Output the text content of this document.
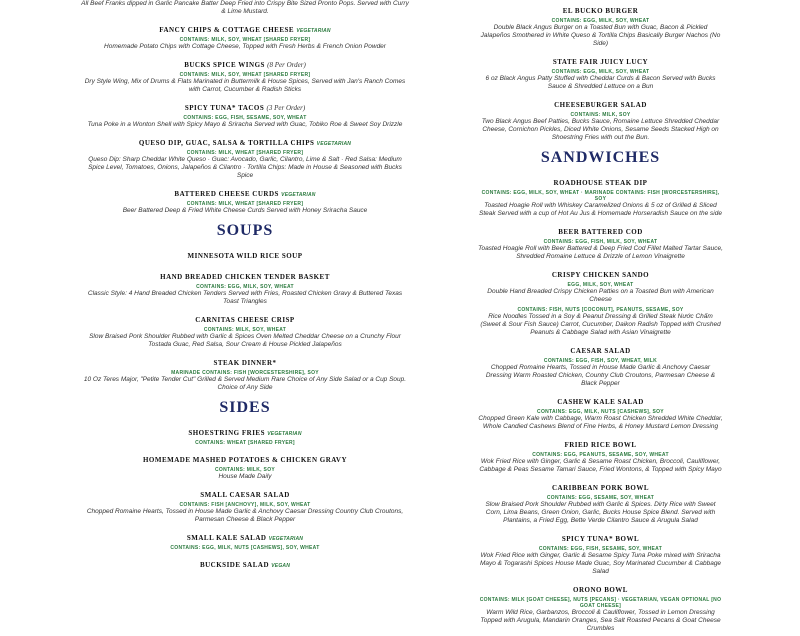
All Beef Franks dipped in Garlic Pancake Batter Deep Fried into Crispy Bite Sized Pronto Pops. Served with Curry & Lime Mustard.
FANCY CHIPS & COTTAGE CHEESE VEGETARIAN
CONTAINS: MILK, SOY, WHEAT [SHARED FRYER]
Homemade Potato Chips with Cottage Cheese, Topped with Fresh Herbs & French Onion Powder
BUCKS SPICE WINGS (8 Per Order)
CONTAINS: MILK, SOY, WHEAT [SHARED FRYER]
Dry Style Wing, Mix of Drums & Flats Marinated in Buttermilk & House Spices, Served with Jan's Ranch Comes with Carrot, Cucumber & Radish Sticks
SPICY TUNA* TACOS (3 Per Order)
CONTAINS: EGG, FISH, SESAME, SOY, WHEAT
Tuna Poke in a Wonton Shell with Spicy Mayo & Sriracha Served with Guac, Tobiko Roe & Sweet Soy Drizzle
QUESO DIP, GUAC, SALSA & TORTILLA CHIPS VEGETARIAN
CONTAINS: MILK, WHEAT [SHARED FRYER]
Queso Dip: Sharp Cheddar White Queso · Guac: Avocado, Garlic, Cilantro, Lime & Salt · Red Salsa: Medium Spice Level, Tomatoes, Onions, Jalapeños & Cilantro · Tortilla Chips: Made in House & Seasoned with Bucks Spice
BATTERED CHEESE CURDS VEGETARIAN
CONTAINS: MILK, WHEAT [SHARED FRYER]
Beer Battered Deep & Fried White Cheese Curds Served with Honey Sriracha Sauce
SOUPS
MINNESOTA WILD RICE SOUP
HAND BREADED CHICKEN TENDER BASKET
CONTAINS: EGG, MILK, SOY, WHEAT
Classic Style: 4 Hand Breaded Chicken Tenders Served with Fries, Roasted Chicken Gravy & Buttered Texas Toast Triangles
CARNITAS CHEESE CRISP
CONTAINS: MILK, SOY, WHEAT
Slow Braised Pork Shoulder Rubbed with Garlic & Spices Oven Melted Cheddar Cheese on a Crunchy Flour Tostada Guac, Red Salsa, Sour Cream & House Pickled Jalapeños
STEAK DINNER*
MARINADE CONTAINS: FISH [WORCESTERSHIRE], SOY
10 Oz Teres Major, "Petite Tender Cut" Grilled & Served Medium Rare Choice of Any Side Salad or a Cup Soup. Choice of Any Side
SIDES
SHOESTRING FRIES VEGETARIAN
CONTAINS: WHEAT [SHARED FRYER]
HOMEMADE MASHED POTATOES & CHICKEN GRAVY
CONTAINS: MILK, SOY
House Made Daily
SMALL CAESAR SALAD
CONTAINS: FISH [ANCHOVY], MILK, SOY, WHEAT
Chopped Romaine Hearts, Tossed in House Made Garlic & Anchovy Caesar Dressing Country Club Croutons, Parmesan Cheese & Black Pepper
SMALL KALE SALAD VEGETARIAN
CONTAINS: EGG, MILK, NUTS [CASHEWS], SOY, WHEAT
BUCKSIDE SALAD VEGAN
EL BUCKO BURGER
CONTAINS: EGG, MILK, SOY, WHEAT
Double Black Angus Burger on a Toasted Bun with Guac, Bacon & Pickled Jalapeños Smothered in White Queso & Tortilla Chips Basically Burger Nachos (No Side)
STATE FAIR JUICY LUCY
CONTAINS: EGG, MILK, SOY, WHEAT
6 oz Black Angus Patty Stuffed with Cheddar Curds & Bacon Served with Bucks Sauce & Shredded Lettuce on a Bun
CHEESEBURGER SALAD
CONTAINS: MILK, SOY
Two Black Angus Beef Patties, Bucks Sauce, Romaine Lettuce Shredded Cheddar Cheese, Cornichon Pickles, Diced White Onions, Sesame Seeds Stacked High on Shoestring Fries with out the Bun.
SANDWICHES
ROADHOUSE STEAK DIP
CONTAINS: EGG, MILK, SOY, WHEAT · MARINADE CONTAINS: FISH [WORCESTERSHIRE], SOY
Toasted Hoagie Roll with Whiskey Caramelized Onions & 5 oz of Grilled & Sliced Steak Served with a cup of Hot Au Jus & Homemade Horseradish Sauce on the side
BEER BATTERED COD
CONTAINS: EGG, FISH, MILK, SOY, WHEAT
Toasted Hoagie Roll with Beer Battered & Deep Fried Cod Fillet Malted Tartar Sauce, Shredded Romaine Lettuce & Drizzle of Lemon Vinaigrette
CRISPY CHICKEN SANDO
EGG, MILK, SOY, WHEAT
Double Hand Breaded Crispy Chicken Patties on a Toasted Bun with American Cheese
CONTAINS: FISH, NUTS [COCONUT], PEANUTS, SESAME, SOY
Rice Noodles Tossed in a Soy & Peanut Dressing & Grilled Steak Nước Chấm (Sweet & Sour Fish Sauce) Carrot, Cucumber, Daikon Radish Topped with Crushed Peanuts & Cabbage Salad with Asian Vinaigrette
CAESAR SALAD
CONTAINS: EGG, FISH, SOY, WHEAT, MILK
Chopped Romaine Hearts, Tossed in House Made Garlic & Anchovy Caesar Dressing Warm Roasted Chicken, Country Club Croutons, Parmesan Cheese & Black Pepper
CASHEW KALE SALAD
CONTAINS: EGG, MILK, NUTS [CASHEWS], SOY
Chopped Green Kale with Cabbage, Warm Roast Chicken Shredded White Cheddar, Whole Candied Cashews Blend of Fine Herbs, & Honey Mustard Lemon Dressing
FRIED RICE BOWL
CONTAINS: EGG, PEANUTS, SESAME, SOY, WHEAT
Wok Fried Rice with Ginger, Garlic & Sesame Roast Chicken, Broccoli, Cauliflower, Cabbage & Peas Sesame Tamari Sauce, Fried Wontons, & Topped with Spicy Mayo
CARIBBEAN PORK BOWL
CONTAINS: EGG, SESAME, SOY, WHEAT
Slow Braised Pork Shoulder Rubbed with Garlic & Spices. Dirty Rice with Sweet Corn, Lima Beans, Green Onion, Garlic, Bucks House Spice Blend. Served with Plantains, a Fried Egg, Bette Verde Cilantro Sauce & Arugula Salad
SPICY TUNA* BOWL
CONTAINS: EGG, FISH, SESAME, SOY, WHEAT
Wok Fried Rice with Ginger, Garlic & Sesame Spicy Tuna Poke mixed with Sriracha Mayo & Togarashi Spices House Made Guac, Soy Marinated Cucumber & Cabbage Salad
ORONO BOWL
CONTAINS: MILK [GOAT CHEESE], NUTS [PECANS] · VEGETARIAN, VEGAN OPTIONAL [NO GOAT CHEESE]
Warm Wild Rice, Garbanzos, Broccoli & Cauliflower, Tossed in Lemon Dressing Topped with Arugula, Mandarin Oranges, Sea Salt Roasted Pecans & Goat Cheese Crumbles
